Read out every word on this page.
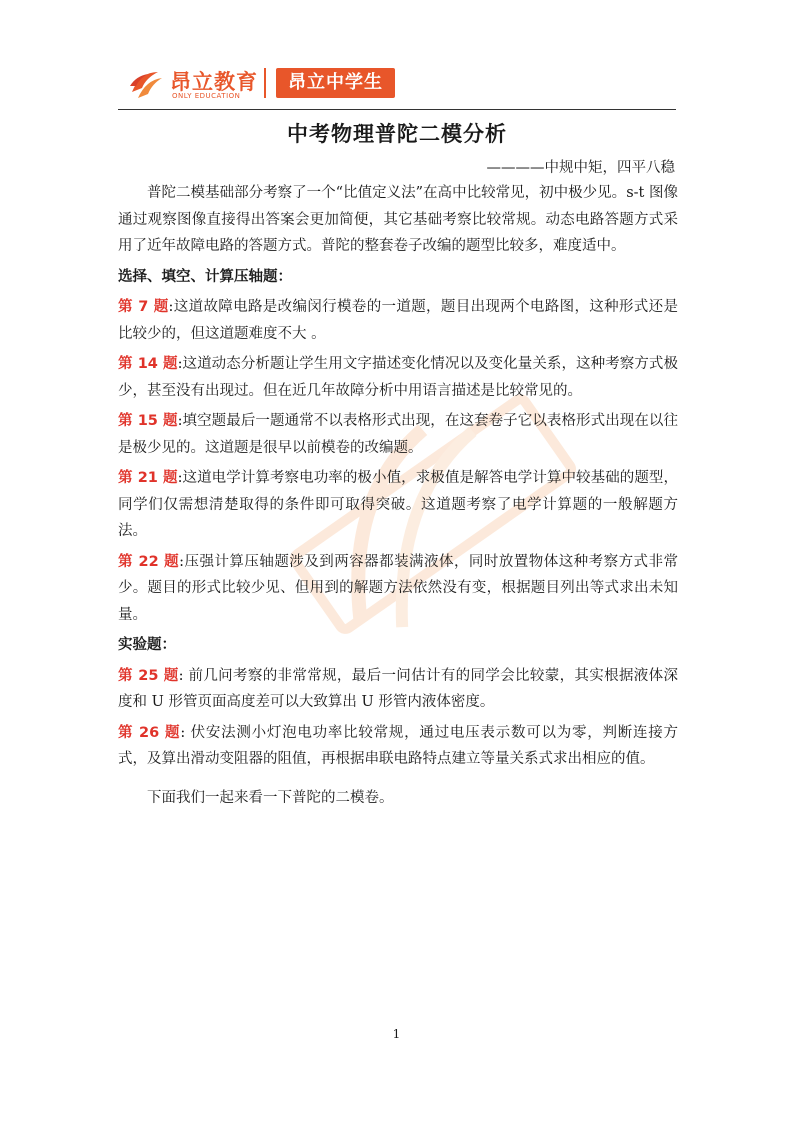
昂立教育
ONLY EDUCATION
昂立中学生
中考物理普陀二模分析
————中规中矩，四平八稳

普陀二模基础部分考察了一个“比值定义法”在高中比较常见，初中极少见。s-t 图像通过观察图像直接得出答案会更加简便，其它基础考察比较常规。动态电路答题方式采用了近年故障电路的答题方式。普陀的整套卷子改编的题型比较多，难度适中。

选择、填空、计算压轴题：

第 7 题:这道故障电路是改编闵行模卷的一道题，题目出现两个电路图，这种形式还是比较少的，但这道题难度不大 。

第 14 题:这道动态分析题让学生用文字描述变化情况以及变化量关系，这种考察方式极少，甚至没有出现过。但在近几年故障分析中用语言描述是比较常见的。

第 15 题:填空题最后一题通常不以表格形式出现，在这套卷子它以表格形式出现在以往是极少见的。这道题是很早以前模卷的改编题。

第 21 题:这道电学计算考察电功率的极小值，求极值是解答电学计算中较基础的题型，同学们仅需想清楚取得的条件即可取得突破。这道题考察了电学计算题的一般解题方法。

第 22 题:压强计算压轴题涉及到两容器都装满液体，同时放置物体这种考察方式非常少。题目的形式比较少见、但用到的解题方法依然没有变，根据题目列出等式求出未知量。

实验题：

第 25 题: 前几问考察的非常常规，最后一问估计有的同学会比较蒙，其实根据液体深度和 U 形管页面高度差可以大致算出 U 形管内液体密度。

第 26 题: 伏安法测小灯泡电功率比较常规，通过电压表示数可以为零，判断连接方式，及算出滑动变阻器的阻值，再根据串联电路特点建立等量关系式求出相应的值。

下面我们一起来看一下普陀的二模卷。

1
